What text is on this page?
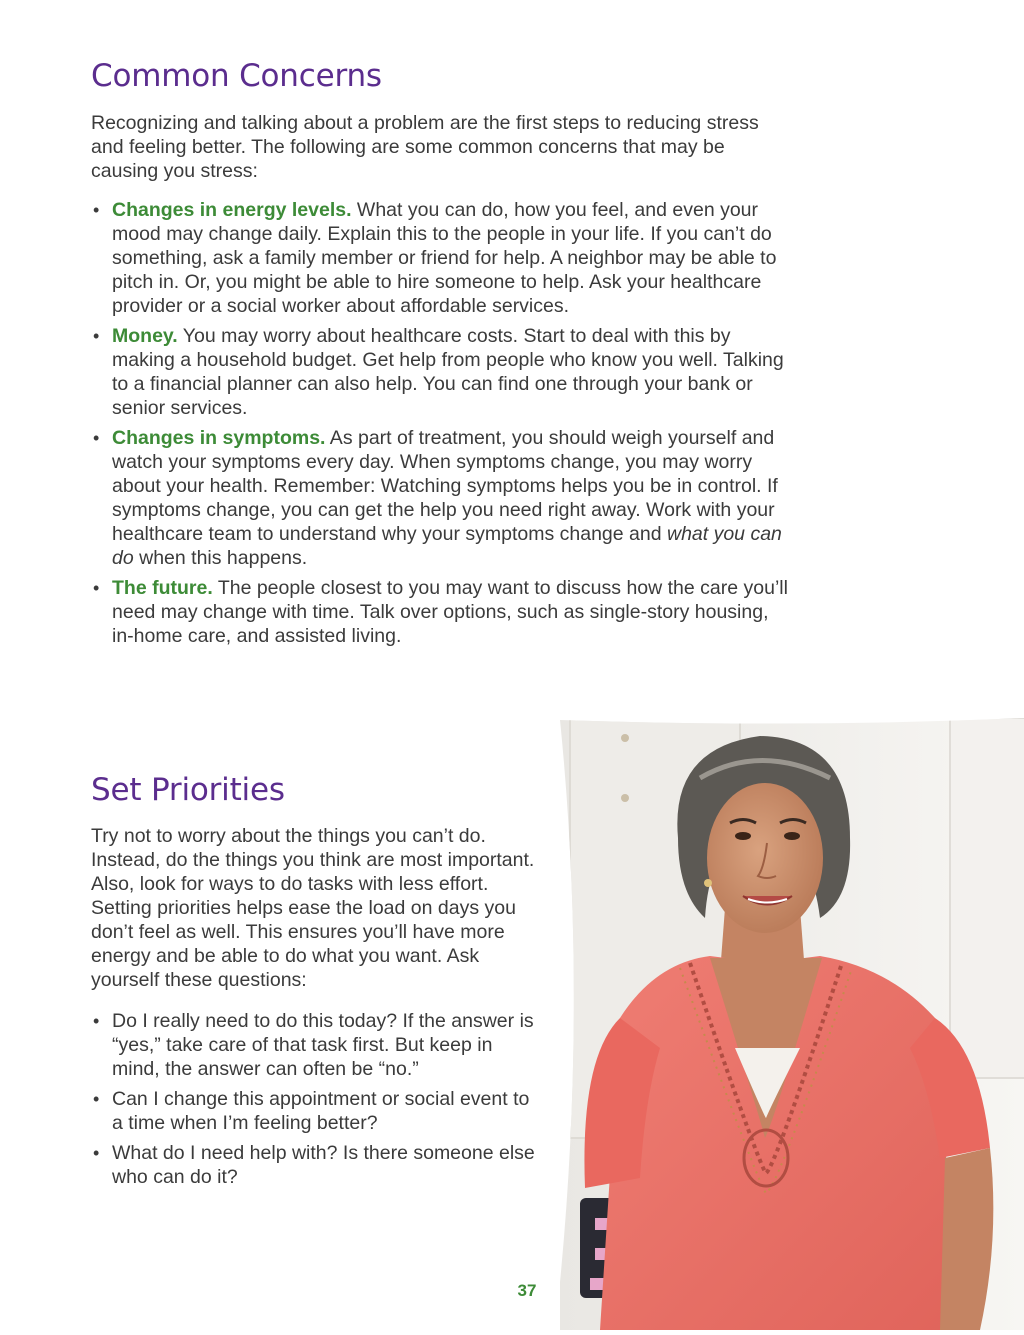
Common Concerns

Recognizing and talking about a problem are the first steps to reducing stress and feeling better. The following are some common concerns that may be causing you stress:

• Changes in energy levels. What you can do, how you feel, and even your mood may change daily. Explain this to the people in your life. If you can’t do something, ask a family member or friend for help. A neighbor may be able to pitch in. Or, you might be able to hire someone to help. Ask your healthcare provider or a social worker about affordable services.
• Money. You may worry about healthcare costs. Start to deal with this by making a household budget. Get help from people who know you well. Talking to a financial planner can also help. You can find one through your bank or senior services.
• Changes in symptoms. As part of treatment, you should weigh yourself and watch your symptoms every day. When symptoms change, you may worry about your health. Remember: Watching symptoms helps you be in control. If symptoms change, you can get the help you need right away. Work with your healthcare team to understand why your symptoms change and what you can do when this happens.
• The future. The people closest to you may want to discuss how the care you’ll need may change with time. Talk over options, such as single-story housing, in-home care, and assisted living.
Set Priorities

Try not to worry about the things you can’t do. Instead, do the things you think are most important. Also, look for ways to do tasks with less effort. Setting priorities helps ease the load on days you don’t feel as well. This ensures you’ll have more energy and be able to do what you want. Ask yourself these questions:

• Do I really need to do this today? If the answer is “yes,” take care of that task first. But keep in mind, the answer can often be “no.”
• Can I change this appointment or social event to a time when I’m feeling better?
• What do I need help with? Is there someone else who can do it?
37
